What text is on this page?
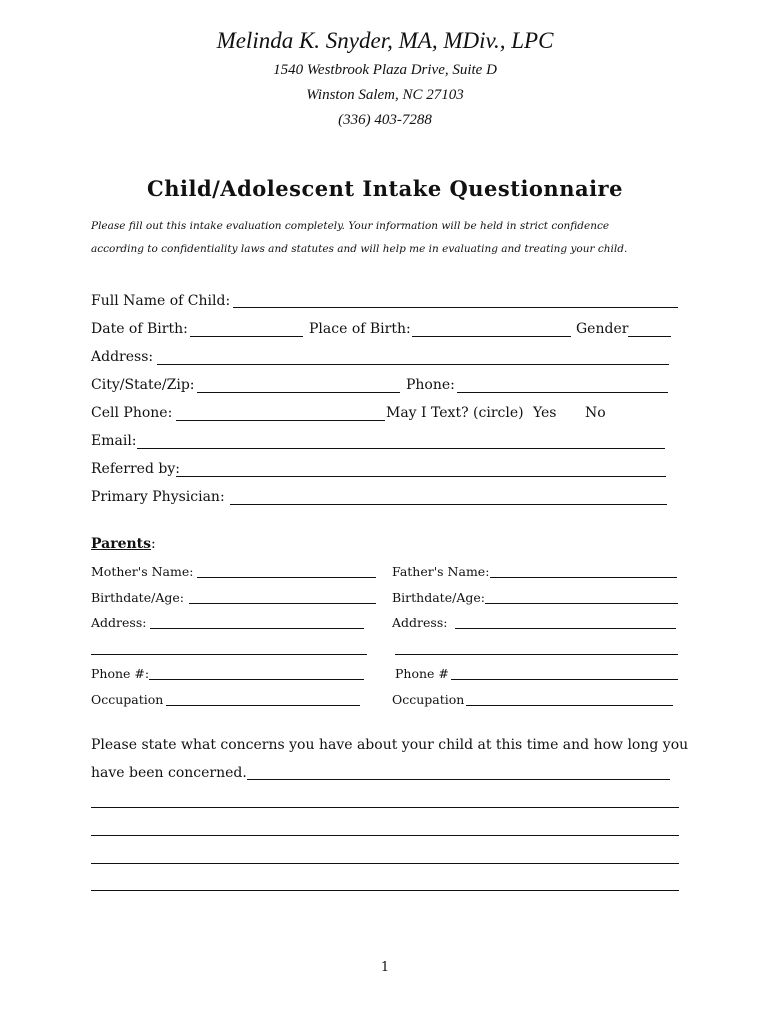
Melinda K. Snyder, MA, MDiv., LPC
1540 Westbrook Plaza Drive, Suite D
Winston Salem, NC 27103
(336) 403-7288
Child/Adolescent Intake Questionnaire
Please fill out this intake evaluation completely. Your information will be held in strict confidence
according to confidentiality laws and statutes and will help me in evaluating and treating your child.
Full Name of Child:
Date of Birth:	Place of Birth:	Gender
Address:
City/State/Zip:	Phone:
Cell Phone:	May I Text? (circle) Yes No
Email:
Referred by:
Primary Physician:
Parents:
Mother's Name:	Father's Name:
Birthdate/Age:	Birthdate/Age:
Address:	Address:
Phone #:	Phone #
Occupation	Occupation
Please state what concerns you have about your child at this time and how long you
have been concerned.
1
